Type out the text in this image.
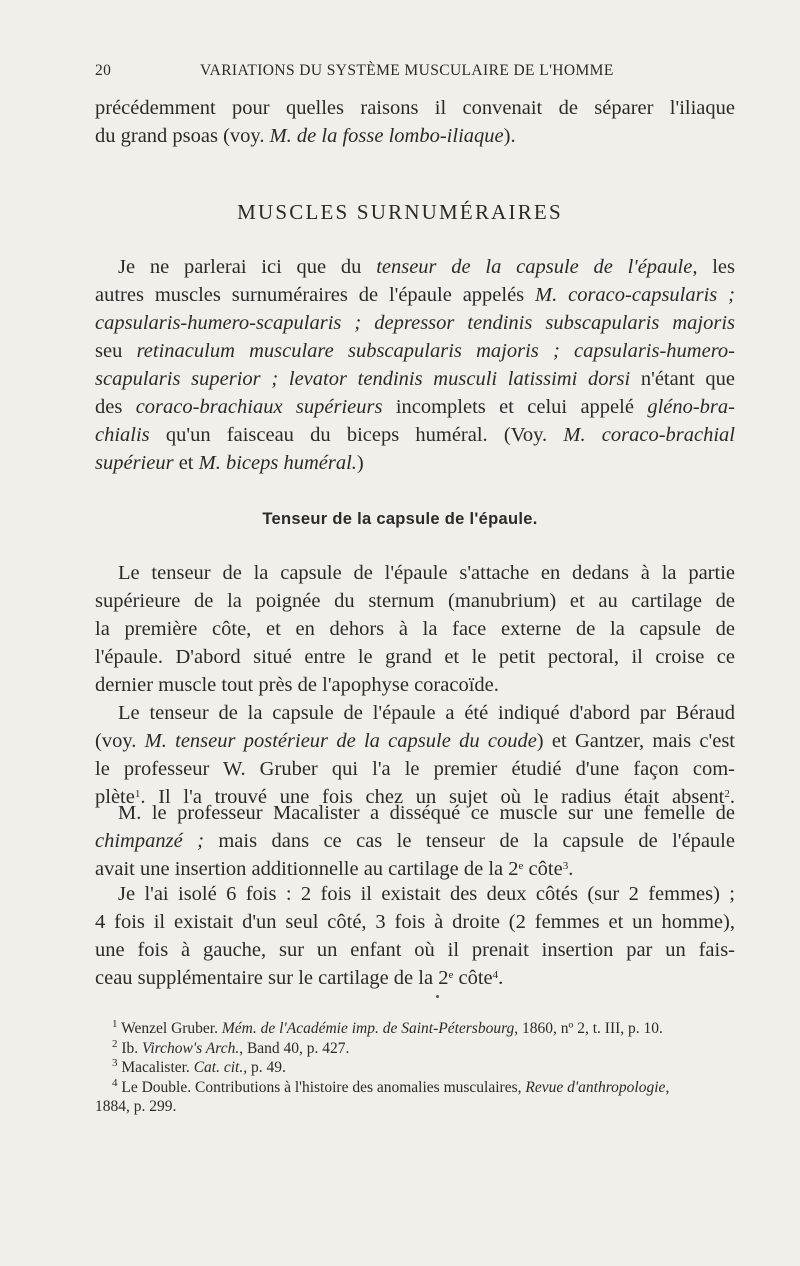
20	VARIATIONS DU SYSTÈME MUSCULAIRE DE L'HOMME
précédemment pour quelles raisons il convenait de séparer l'iliaque
du grand psoas (voy. M. de la fosse lombo-iliaque).
MUSCLES SURNUMÉRAIRES
Je ne parlerai ici que du tenseur de la capsule de l'épaule, les
autres muscles surnuméraires de l'épaule appelés M. coraco-capsularis ;
capsularis-humero-scapularis ; depressor tendinis subscapularis majoris
seu retinaculum musculare subscapularis majoris ; capsularis-humero-
scapularis superior ; levator tendinis musculi latissimi dorsi n'étant que
des coraco-brachiaux supérieurs incomplets et celui appelé gléno-bra-
chialis qu'un faisceau du biceps huméral. (Voy. M. coraco-brachial
supérieur et M. biceps huméral.)
Tenseur de la capsule de l'épaule.
Le tenseur de la capsule de l'épaule s'attache en dedans à la partie
supérieure de la poignée du sternum (manubrium) et au cartilage de
la première côte, et en dehors à la face externe de la capsule de
l'épaule. D'abord situé entre le grand et le petit pectoral, il croise ce
dernier muscle tout près de l'apophyse coracoïde.
Le tenseur de la capsule de l'épaule a été indiqué d'abord par Béraud
(voy. M. tenseur postérieur de la capsule du coude) et Gantzer, mais c'est
le professeur W. Gruber qui l'a le premier étudié d'une façon com-
plète$^1$. Il l'a trouvé une fois chez un sujet où le radius était absent$^2$.
M. le professeur Macalister a disséqué ce muscle sur une femelle de
chimpanzé ; mais dans ce cas le tenseur de la capsule de l'épaule
avait une insertion additionnelle au cartilage de la 2e côte$^3$.
Je l'ai isolé 6 fois : 2 fois il existait des deux côtés (sur 2 femmes) ;
4 fois il existait d'un seul côté, 3 fois à droite (2 femmes et un homme),
une fois à gauche, sur un enfant où il prenait insertion par un fais-
ceau supplémentaire sur le cartilage de la 2e côte$^4$.
$^1$ Wenzel Gruber. Mém. de l'Académie imp. de Saint-Pétersbourg, 1860, nº 2, t. III, p. 10.
$^2$ Ib. Virchow's Arch., Band 40, p. 427.
$^3$ Macalister. Cat. cit., p. 49.
$^4$ Le Double. Contributions à l'histoire des anomalies musculaires, Revue d'anthropologie,
1884, p. 299.
